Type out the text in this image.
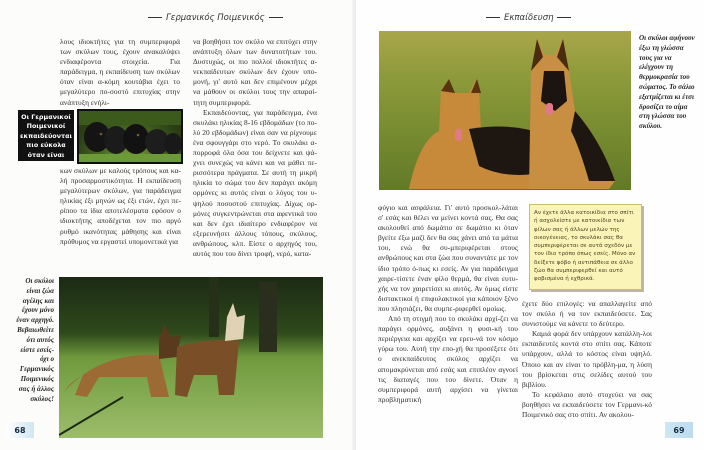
Γερμανικός Ποιμενικός

λους ιδιοκτήτες για τη συμπεριφορά των σκύλων τους, έχουν ανακαλύψει ενδιαφέροντα στοιχεία. Για παράδειγμα, η εκπαίδευση των σκύλων όταν είναι α-κόμη κουτάβια έχει το μεγαλύτερο πο-σοστό επιτυχίας στην ανάπτυξη ενήλι-

Οι Γερμανικοί Ποιμενικοί εκπαιδεύονται πιο εύκολα όταν είναι κουτάβια.

κων σκύλων με καλούς τρόπους και κα-λή προσαρμοστικότητα. Η εκπαίδευση μεγαλύτερων σκύλων, για παράδειγμα ηλικίας έξι μηνών ως έξι ετών, έχει πε-ρίπου τα ίδια αποτελέσματα εφόσον ο ιδιοκτήτης αποδέχεται τον πιο αργό ρυθμό ικανότητας μάθησης και είναι πρόθυμος να εργαστεί υπομονετικά για

να βοηθήσει τον σκύλο να επιτύχει στην ανάπτυξη όλων των δυνατοτήτων του. Δυστυχώς, οι πιο πολλοί ιδιοκτήτες α-νεκπαίδευτων σκύλων δεν έχουν υπο-μονή, γι' αυτό και δεν επιμένουν μέχρι να μάθουν οι σκύλοι τους την απαραί-τητη συμπεριφορά.

Εκπαιδεύοντας, για παράδειγμα, ένα σκυλάκι ηλικίας 8-16 εβδομάδων (το πο-λύ 20 εβδομάδων) είναι σαν να ρίχνουμε ένα σφουγγάρι στο νερό. Το σκυλάκι α-πορροφά όλα όσα του δείχνετε και ψά-χνει συνεχώς να κάνει και να μάθει πε-ρισσότερα πράγματα. Σε αυτή τη μικρή ηλικία το σώμα του δεν παράγει ακόμη ορμόνες κι αυτός είναι ο λόγος του υ-ψηλού ποσοστού επιτυχίας. Δίχως ορ-μόνες συγκεντρώνεται στα αφεντικά του και δεν έχει ιδιαίτερο ενδιαφέρον να εξερευνήσει άλλους τόπους, σκύλους, ανθρώπους, κλπ. Είστε ο αρχηγός του, αυτός που του δίνει τροφή, νερό, κατα-

Οι σκύλοι είναι ζώα αγέλης και έχουν μόνο έναν αρχηγό. Βεβαιωθείτε ότι αυτός είστε εσείς-όχι ο Γερμανικός Ποιμενικός σας ή άλλος σκύλος!
68
Εκπαίδευση
Οι σκύλοι αφήνουν έξω τη γλώσσα τους για να ελέγχουν τη θερμοκρασία του σώματος. Το σάλιο εξατμίζεται κι έτσι δροσίζει το αίμα στη γλώσσα του σκύλου.

φύγιο και ασφάλεια. Γι' αυτό προσκολ-λάται σ' εσάς και θέλει να μείνει κοντά σας. Θα σας ακολουθεί από δωμάτιο σε δωμάτιο κι όταν βγείτε έξω μαζί δεν θα σας χάνει από τα μάτια του, ενώ θα συ-μπεριφέρεται στους ανθρώπους και στα ζώα που συναντάτε με τον ίδιο τρόπο ό-πως κι εσείς. Αν για παράδειγμα χαιρε-τίσετε έναν φίλο θερμά, θα είναι ευτυ-χής να τον χαιρετίσει κι αυτός. Αν όμως είστε διστακτικοί ή επιφυλακτικοί για κάποιον ξένο που πλησιάζει, θα συμπε-ριφερθεί ομοίως.

Από τη στιγμή που το σκυλάκι αρχί-ζει να παράγει ορμόνες, αυξάνει η φυσι-κή του περιέργεια και αρχίζει να ερευ-νά τον κόσμο γύρω του. Αυτή την επο-χή θα προσέξετε ότι ο ανεκπαίδευτος σκύλος αρχίζει να απομακρύνεται από εσάς και επιπλέον αγνοεί τις διαταγές που του δίνετε. Όταν η συμπεριφορά αυτή αρχίσει να γίνεται προβληματική

Αν έχετε άλλα κατοικίδια στο σπίτι ή ασχολείστε με κατοικίδια των φίλων σας ή άλλων μελών της οικογένειας, το σκυλάκι σας θα συμπεριφέρεται σε αυτά σχεδόν με τον ίδιο τρόπο όπως εσείς. Μόνο αν δείξετε φόβο ή αντιπάθεια σε άλλο ζώο θα συμπεριφερθεί και αυτό φοβισμένα ή εχθρικά.

έχετε δύο επιλογές: να απαλλαγείτε από τον σκύλο ή να τον εκπαιδεύσετε. Σας συνιστούμε να κάνετε το δεύτερο.

Καμιά φορά δεν υπάρχουν κατάλλη-λοι εκπαιδευτές κοντά στο σπίτι σας. Κάποτε υπάρχουν, αλλά το κόστος είναι υψηλό. Όποιο και αν είναι το πρόβλη-μα, η λύση του βρίσκεται στις σελίδες αυτού του βιβλίου.

Το κεφάλαιο αυτό στοχεύει να σας βοηθήσει να εκπαιδεύσετε τον Γερμανι-κό Ποιμενικό σας στο σπίτι. Αν ακολου-

69
